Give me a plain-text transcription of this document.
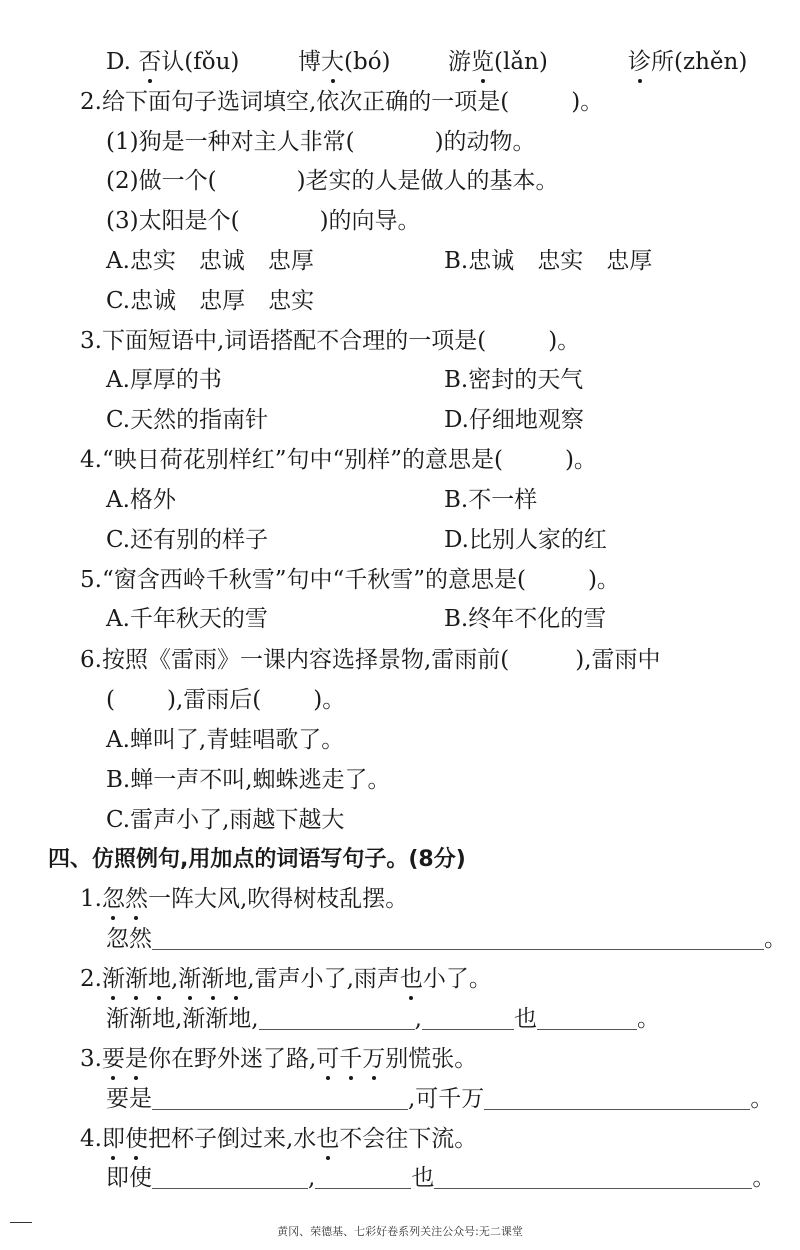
D. 否认(fǒu)	博大(bó) 游览(lǎn)	诊所(zhěn)
2.给下面句子选词填空,依次正确的一项是(	)。
(1)狗是一种对主人非常(	)的动物。
(2)做一个(	)老实的人是做人的基本。
(3)太阳是个(	)的向导。
A.忠实　忠诚　忠厚	B.忠诚　忠实　忠厚
C.忠诚　忠厚　忠实
3.下面短语中,词语搭配不合理的一项是(	)。
A.厚厚的书	B.密封的天气
C.天然的指南针	D.仔细地观察
4.“映日荷花别样红”句中“别样”的意思是(	)。
A.格外	B.不一样
C.还有别的样子	D.比别人家的红
5.“窗含西岭千秋雪”句中“千秋雪”的意思是(	)。
A.千年秋天的雪	B.终年不化的雪
6.按照《雷雨》一课内容选择景物,雷雨前(	),雷雨中
( ),雷雨后( )。
A.蝉叫了,青蛙唱歌了。
B.蝉一声不叫,蜘蛛逃走了。
C.雷声小了,雨越下越大
四、仿照例句,用加点的词语写句子。(8分)
1.忽然一阵大风,吹得树枝乱摆。
忽然	。
2.渐渐地,渐渐地,雷声小了,雨声也小了。
渐渐地,渐渐地,	,	也	。
3.要是你在野外迷了路,可千万别慌张。
要是	,可千万	。
4.即使把杯子倒过来,水也不会往下流。
即使	,	也	。
黄冈、荣德基、七彩好卷系列关注公众号:无二课堂
